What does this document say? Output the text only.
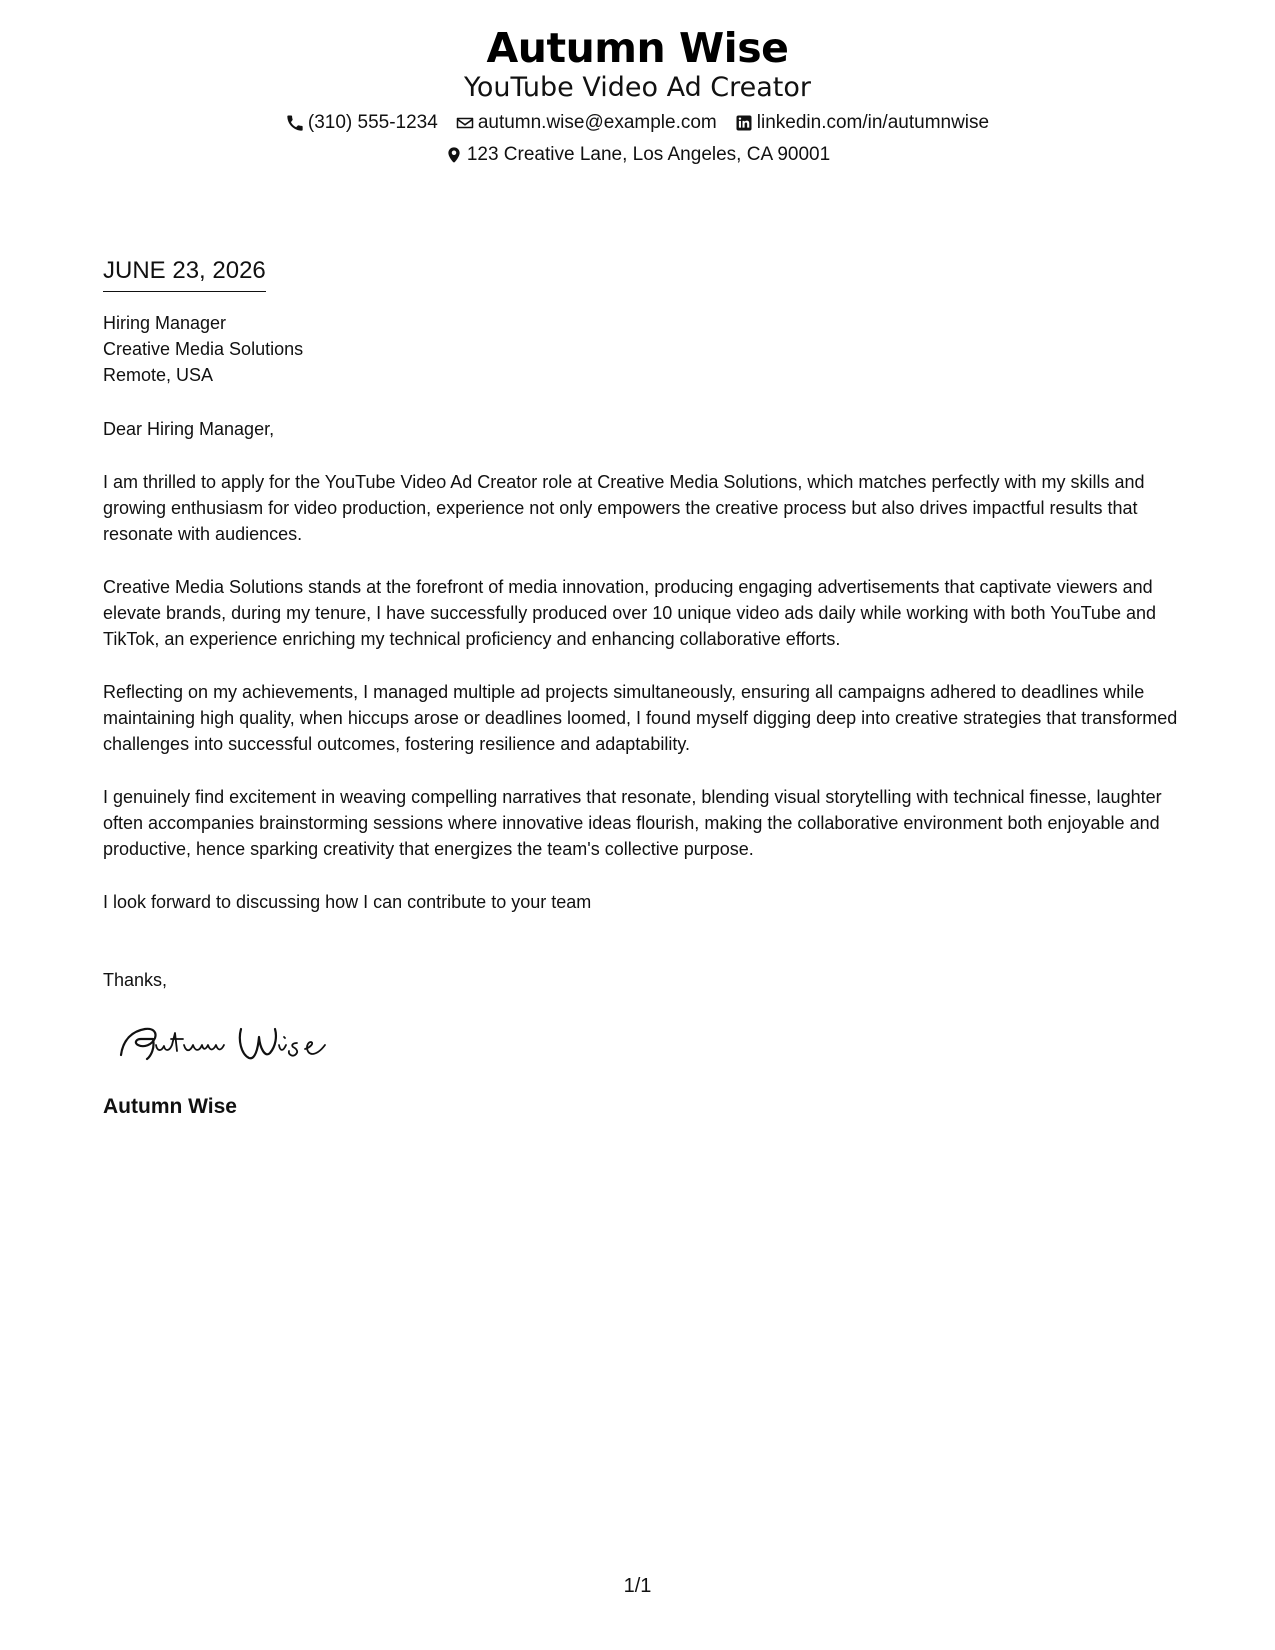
Autumn Wise
YouTube Video Ad Creator
(310) 555-1234 autumn.wise@example.com linkedin.com/in/autumnwise
123 Creative Lane, Los Angeles, CA 90001
JUNE 23, 2026
Hiring Manager
Creative Media Solutions
Remote, USA
Dear Hiring Manager,
I am thrilled to apply for the YouTube Video Ad Creator role at Creative Media Solutions, which matches perfectly with my skills and growing enthusiasm for video production, experience not only empowers the creative process but also drives impactful results that resonate with audiences.
Creative Media Solutions stands at the forefront of media innovation, producing engaging advertisements that captivate viewers and elevate brands, during my tenure, I have successfully produced over 10 unique video ads daily while working with both YouTube and TikTok, an experience enriching my technical proficiency and enhancing collaborative efforts.
Reflecting on my achievements, I managed multiple ad projects simultaneously, ensuring all campaigns adhered to deadlines while maintaining high quality, when hiccups arose or deadlines loomed, I found myself digging deep into creative strategies that transformed challenges into successful outcomes, fostering resilience and adaptability.
I genuinely find excitement in weaving compelling narratives that resonate, blending visual storytelling with technical finesse, laughter often accompanies brainstorming sessions where innovative ideas flourish, making the collaborative environment both enjoyable and productive, hence sparking creativity that energizes the team's collective purpose.
I look forward to discussing how I can contribute to your team
Thanks,
Autumn Wise
1/1
